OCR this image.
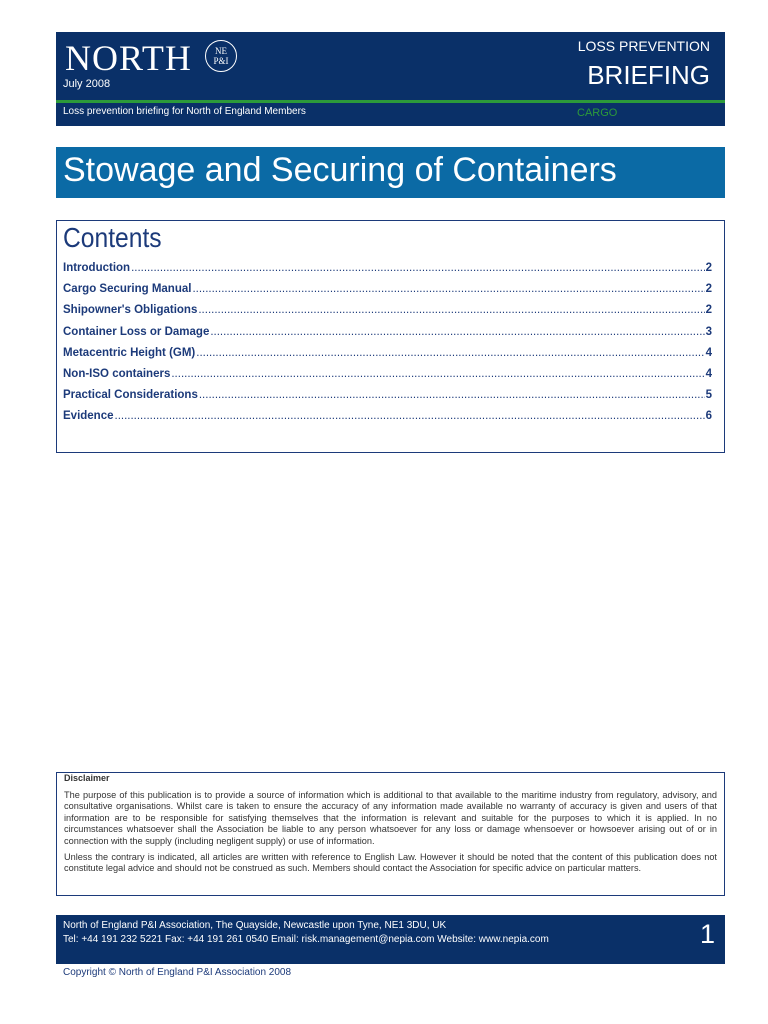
NORTH	NE
P&I
July 2008
LOSS PREVENTION
BRIEFING
Loss prevention briefing for North of England Members	CARGO
Stowage and Securing of Containers
Contents
Introduction .....	2
Cargo Securing Manual .....	2
Shipowner's Obligations .....	2
Container Loss or Damage .....	3
Metacentric Height (GM) .....	4
Non-ISO containers .....	4
Practical Considerations .....	5
Evidence .....	6
Disclaimer

The purpose of this publication is to provide a source of information which is additional to that available to the maritime industry from regulatory, advisory, and consultative organisations. Whilst care is taken to ensure the accuracy of any information made available no warranty of accuracy is given and users of that information are to be responsible for satisfying themselves that the information is relevant and suitable for the purposes to which it is applied. In no circumstances whatsoever shall the Association be liable to any person whatsoever for any loss or damage whensoever or howsoever arising out of or in connection with the supply (including negligent supply) or use of information.

Unless the contrary is indicated, all articles are written with reference to English Law. However it should be noted that the content of this publication does not constitute legal advice and should not be construed as such. Members should contact the Association for specific advice on particular matters.

North of England P&I Association, The Quayside, Newcastle upon Tyne, NE1 3DU, UK
Tel: +44 191 232 5221 Fax: +44 191 261 0540 Email: risk.management@nepia.com Website: www.nepia.com	1
Copyright © North of England P&I Association 2008
